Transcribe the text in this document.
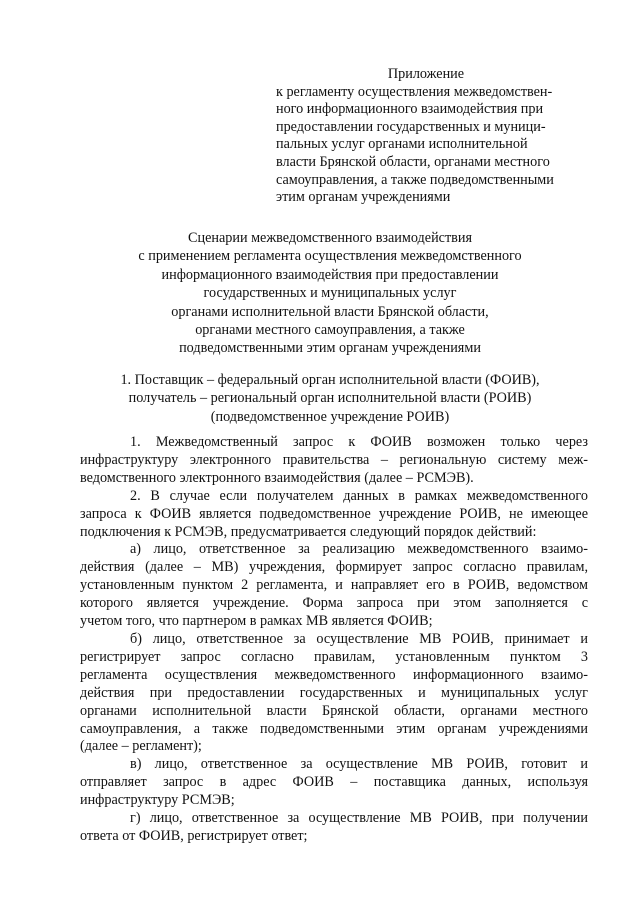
Приложение
к регламенту осуществления межведомствен-
ного информационного взаимодействия при
предоставлении государственных и муници-
пальных услуг органами исполнительной
власти Брянской области, органами местного
самоуправления, а также подведомственными
этим органам учреждениями
Сценарии межведомственного взаимодействия
с применением регламента осуществления межведомственного
информационного взаимодействия при предоставлении
государственных и муниципальных услуг
органами исполнительной власти Брянской области,
органами местного самоуправления, а также
подведомственными этим органам учреждениями
1. Поставщик – федеральный орган исполнительной власти (ФОИВ),
получатель – региональный орган исполнительной власти (РОИВ)
(подведомственное учреждение РОИВ)
1. Межведомственный запрос к ФОИВ возможен только через
инфраструктуру электронного правительства – региональную систему меж-
ведомственного электронного взаимодействия (далее – РСМЭВ).
2. В случае если получателем данных в рамках межведомственного
запроса к ФОИВ является подведомственное учреждение РОИВ, не имеющее
подключения к РСМЭВ, предусматривается следующий порядок действий:
а) лицо, ответственное за реализацию межведомственного взаимо-
действия (далее – МВ) учреждения, формирует запрос согласно правилам,
установленным пунктом 2 регламента, и направляет его в РОИВ, ведомством
которого является учреждение. Форма запроса при этом заполняется с
учетом того, что партнером в рамках МВ является ФОИВ;
б) лицо, ответственное за осуществление МВ РОИВ, принимает и
регистрирует запрос согласно правилам, установленным пунктом 3
регламента осуществления межведомственного информационного взаимо-
действия при предоставлении государственных и муниципальных услуг
органами исполнительной власти Брянской области, органами местного
самоуправления, а также подведомственными этим органам учреждениями
(далее – регламент);
в) лицо, ответственное за осуществление МВ РОИВ, готовит и
отправляет запрос в адрес ФОИВ – поставщика данных, используя
инфраструктуру РСМЭВ;
г) лицо, ответственное за осуществление МВ РОИВ, при получении
ответа от ФОИВ, регистрирует ответ;
